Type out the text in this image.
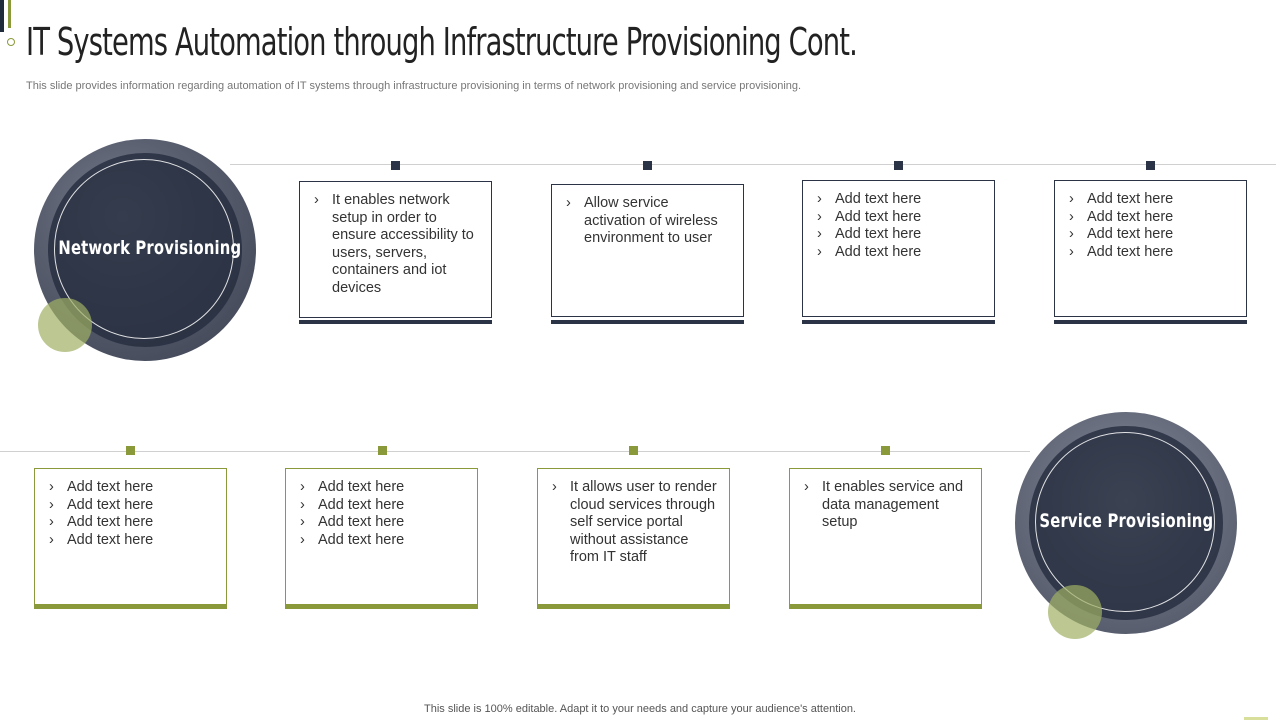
IT Systems Automation through Infrastructure Provisioning Cont.

This slide provides information regarding automation of IT systems through infrastructure provisioning in terms of network provisioning and service provisioning.

Network Provisioning
› It enables network setup in order to ensure accessibility to users, servers, containers and iot devices
› Allow service activation of wireless environment to user
› Add text here
› Add text here
› Add text here
› Add text here
› Add text here
› Add text here
› Add text here
› Add text here
› Add text here
› Add text here
› Add text here
› Add text here
› Add text here
› Add text here
› Add text here
› Add text here
› It allows user to render cloud services through self service portal without assistance from IT staff
› It enables service and data management setup	Service Provisioning
This slide is 100% editable. Adapt it to your needs and capture your audience's attention.
